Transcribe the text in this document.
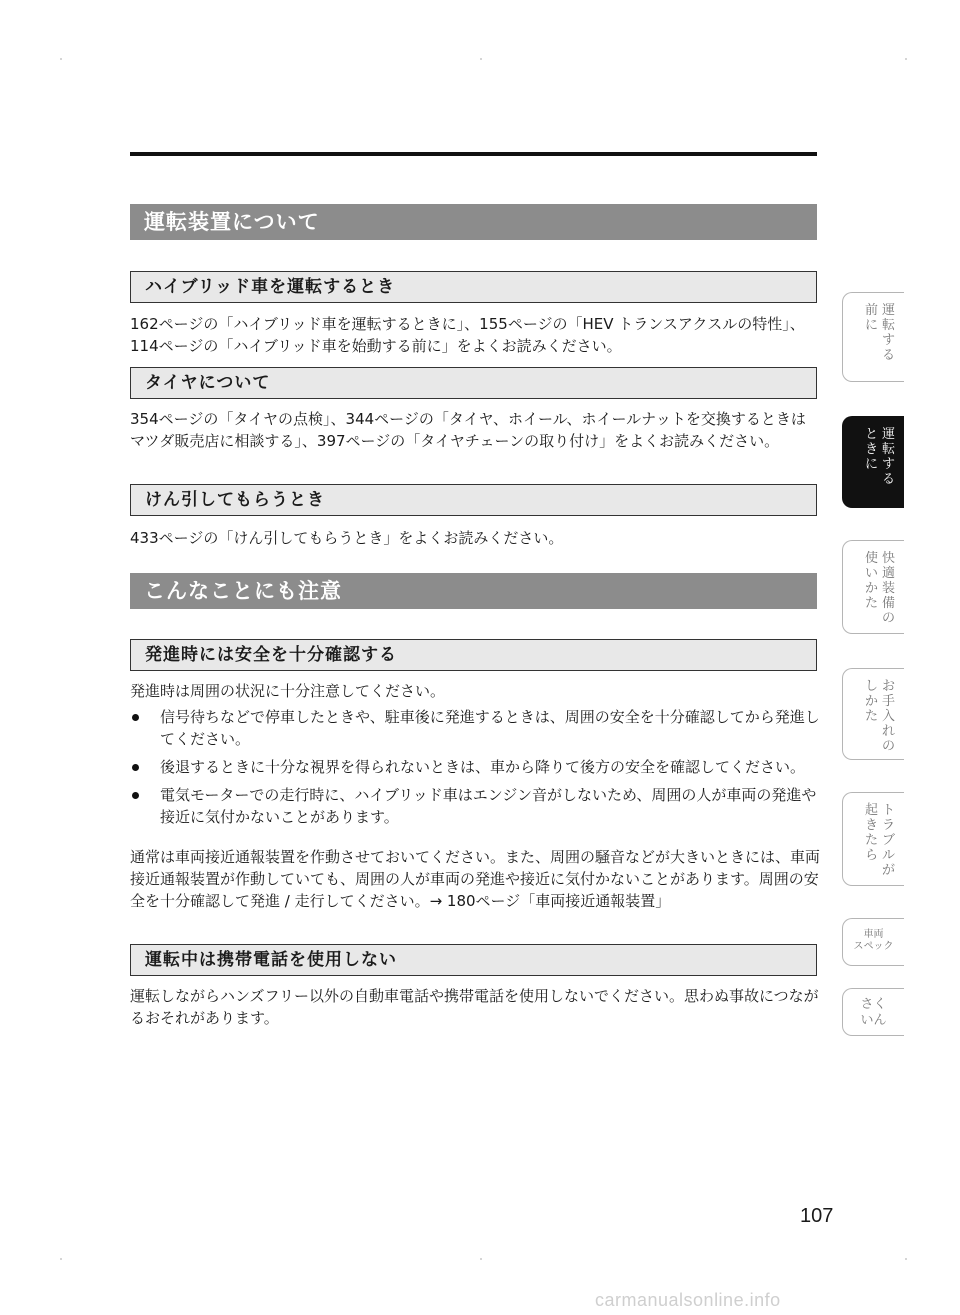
運転装置について
ハイブリッド車を運転するとき

162ページの「ハイブリッド車を運転するときに」、155ページの「HEV トランスアクスルの特性」、114ページの「ハイブリッド車を始動する前に」をよくお読みください。

タイヤについて

354ページの「タイヤの点検」、344ページの「タイヤ、ホイール、ホイールナットを交換するときはマツダ販売店に相談する」、397ページの「タイヤチェーンの取り付け」をよくお読みください。

けん引してもらうとき

433ページの「けん引してもらうとき」をよくお読みください。

こんなことにも注意
発進時には安全を十分確認する

発進時は周囲の状況に十分注意してください。

信号待ちなどで停車したときや、駐車後に発進するときは、周囲の安全を十分確認してから発進してください。
後退するときに十分な視界を得られないときは、車から降りて後方の安全を確認してください。
電気モーターでの走行時に、ハイブリッド車はエンジン音がしないため、周囲の人が車両の発進や接近に気付かないことがあります。

通常は車両接近通報装置を作動させておいてください。また、周囲の騒音などが大きいときには、車両接近通報装置が作動していても、周囲の人が車両の発進や接近に気付かないことがあります。周囲の安全を十分確認して発進 / 走行してください。→ 180ページ「車両接近通報装置」

運転中は携帯電話を使用しない

運転しながらハンズフリー以外の自動車電話や携帯電話を使用しないでください。思わぬ事故につながるおそれがあります。

運転する
前に
運転する
ときに
快適装備の
使いかた
お手入れの
しかた
トラブルが
起きたら
車両
スペック
さく
いん
107
carmanualsonline.info
